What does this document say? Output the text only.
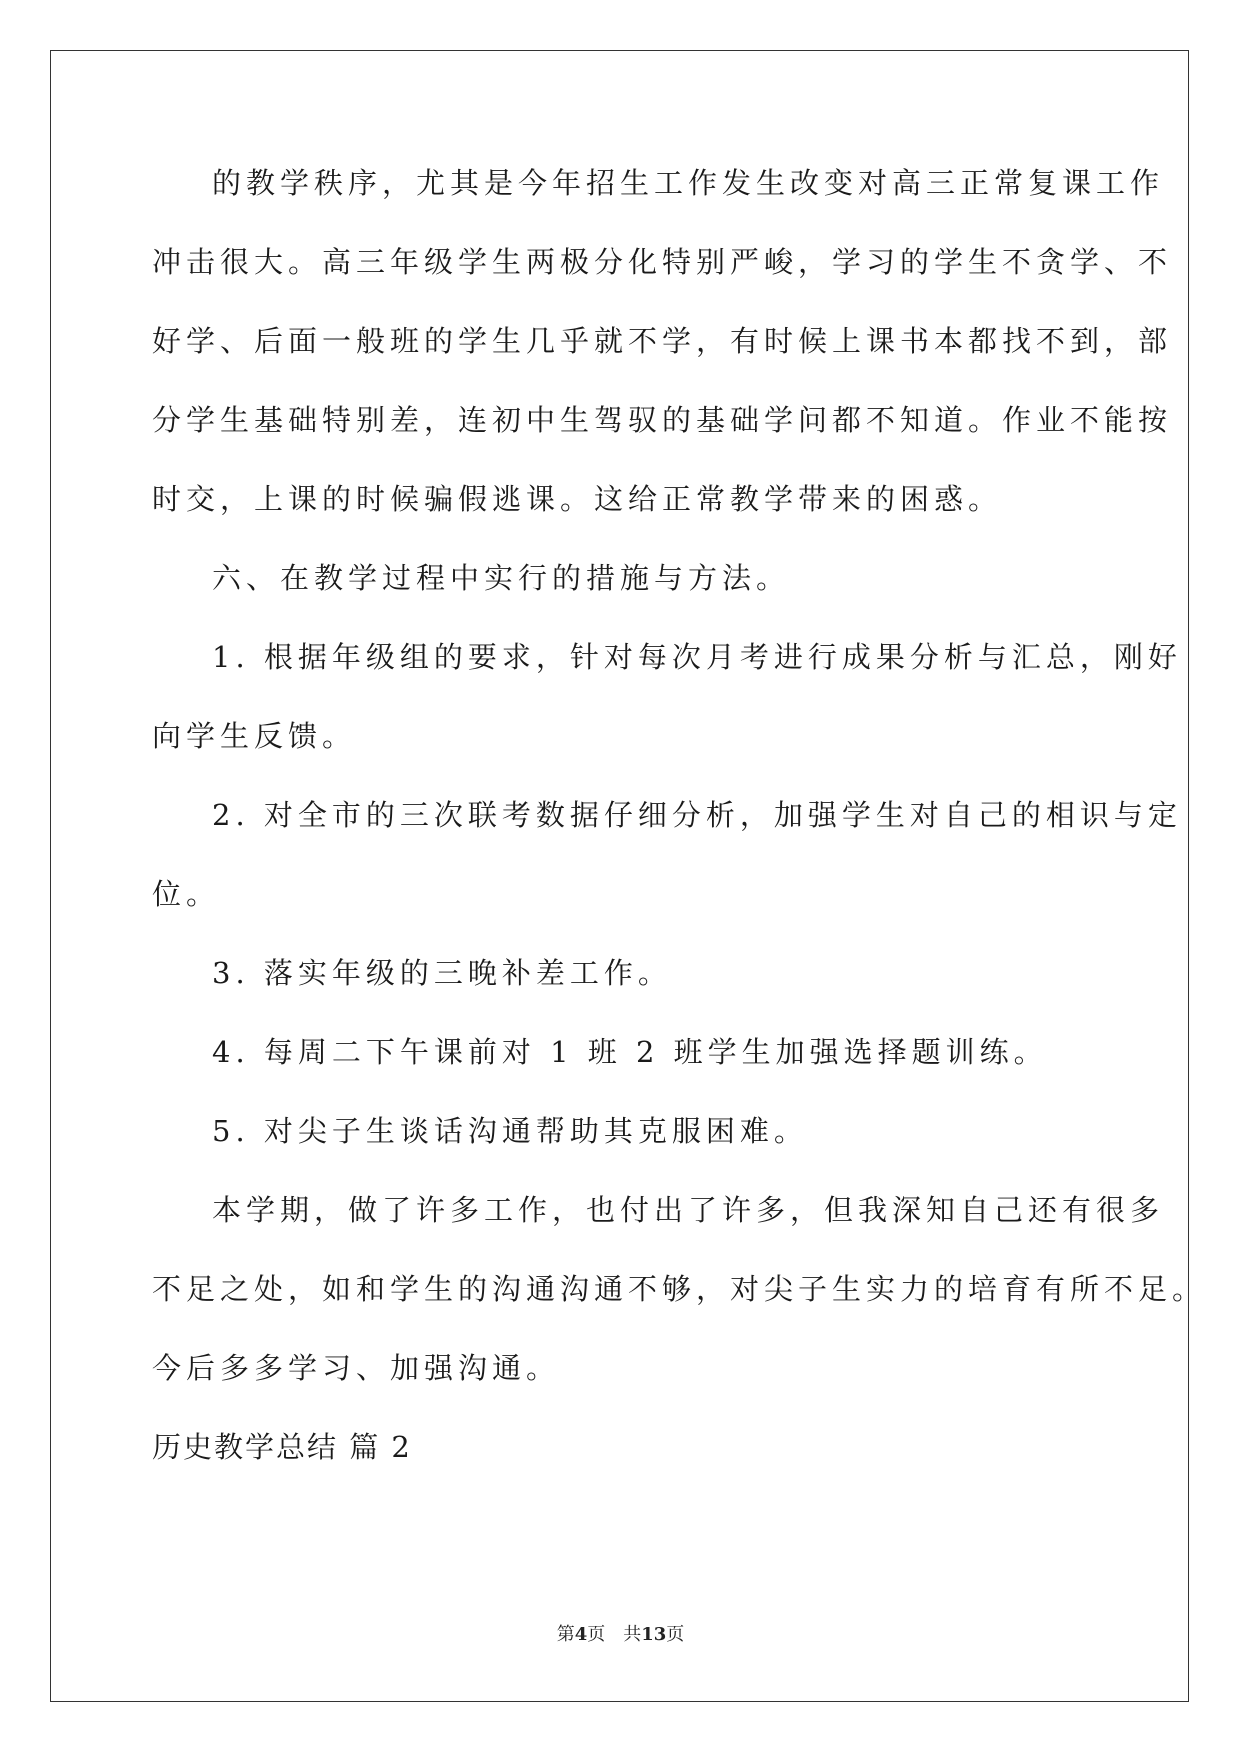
的教学秩序，尤其是今年招生工作发生改变对高三正常复课工作
冲击很大。高三年级学生两极分化特别严峻，学习的学生不贪学、不
好学、后面一般班的学生几乎就不学，有时候上课书本都找不到，部
分学生基础特别差，连初中生驾驭的基础学问都不知道。作业不能按
时交，上课的时候骗假逃课。这给正常教学带来的困惑。
六、在教学过程中实行的措施与方法。
1. 根据年级组的要求，针对每次月考进行成果分析与汇总，刚好
向学生反馈。
2. 对全市的三次联考数据仔细分析，加强学生对自己的相识与定
位。
3. 落实年级的三晚补差工作。
4. 每周二下午课前对 1 班 2 班学生加强选择题训练。
5. 对尖子生谈话沟通帮助其克服困难。
本学期，做了许多工作，也付出了许多，但我深知自己还有很多
不足之处，如和学生的沟通沟通不够，对尖子生实力的培育有所不足。
今后多多学习、加强沟通。
历史教学总结 篇 2
第4页 共13页
